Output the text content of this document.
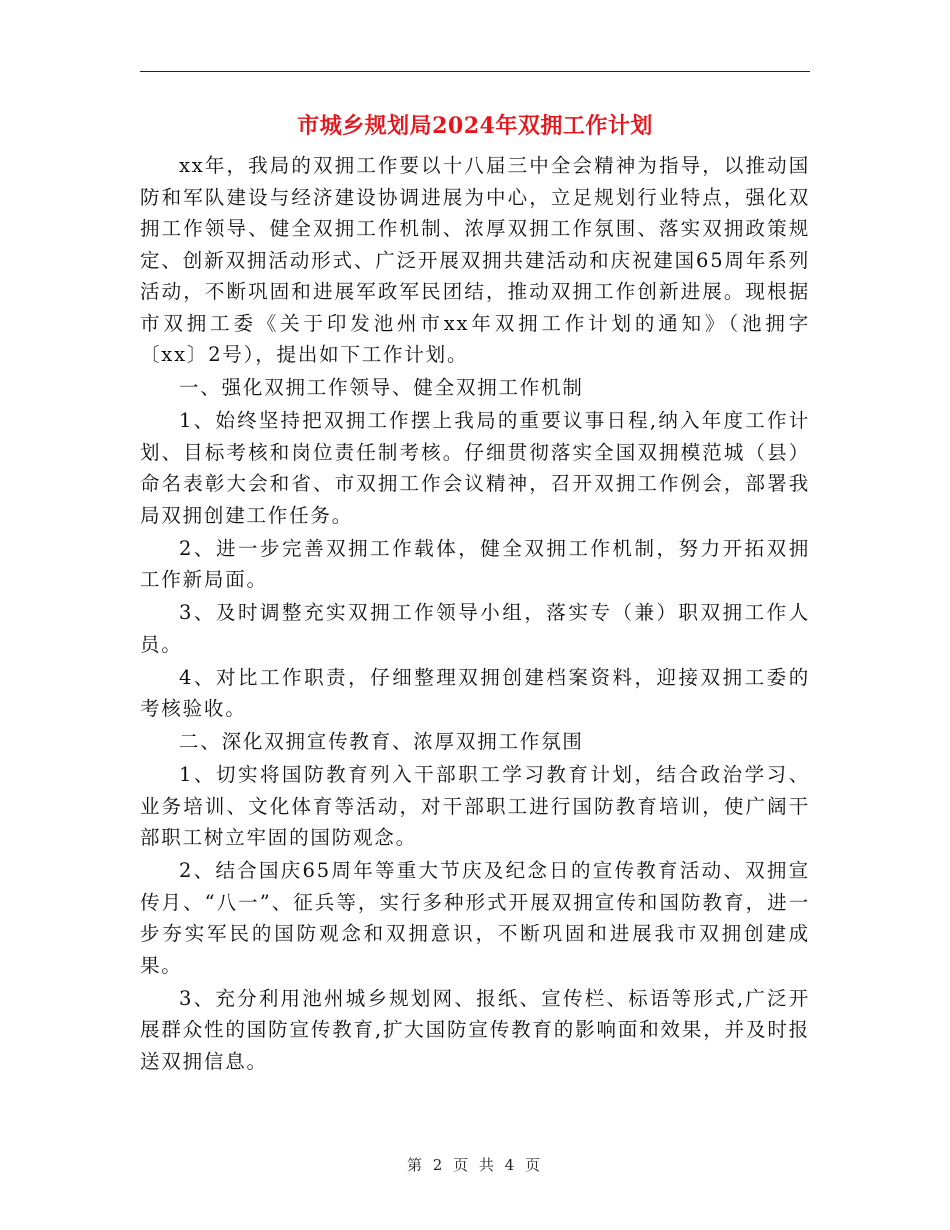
市城乡规划局2024年双拥工作计划

xx年，我局的双拥工作要以十八届三中全会精神为指导，以推动国防和军队建设与经济建设协调进展为中心，立足规划行业特点，强化双拥工作领导、健全双拥工作机制、浓厚双拥工作氛围、落实双拥政策规定、创新双拥活动形式、广泛开展双拥共建活动和庆祝建国65周年系列活动，不断巩固和进展军政军民团结，推动双拥工作创新进展。现根据市双拥工委《关于印发池州市xx年双拥工作计划的通知》（池拥字〔xx〕2号），提出如下工作计划。

一、强化双拥工作领导、健全双拥工作机制

1、始终坚持把双拥工作摆上我局的重要议事日程,纳入年度工作计划、目标考核和岗位责任制考核。仔细贯彻落实全国双拥模范城（县）命名表彰大会和省、市双拥工作会议精神，召开双拥工作例会，部署我局双拥创建工作任务。

2、进一步完善双拥工作载体，健全双拥工作机制，努力开拓双拥工作新局面。

3、及时调整充实双拥工作领导小组，落实专（兼）职双拥工作人员。

4、对比工作职责，仔细整理双拥创建档案资料，迎接双拥工委的考核验收。

二、深化双拥宣传教育、浓厚双拥工作氛围

1、切实将国防教育列入干部职工学习教育计划，结合政治学习、业务培训、文化体育等活动，对干部职工进行国防教育培训，使广阔干部职工树立牢固的国防观念。

2、结合国庆65周年等重大节庆及纪念日的宣传教育活动、双拥宣传月、“八一”、征兵等，实行多种形式开展双拥宣传和国防教育，进一步夯实军民的国防观念和双拥意识，不断巩固和进展我市双拥创建成果。

3、充分利用池州城乡规划网、报纸、宣传栏、标语等形式,广泛开展群众性的国防宣传教育,扩大国防宣传教育的影响面和效果，并及时报送双拥信息。

第 2 页 共 4 页
